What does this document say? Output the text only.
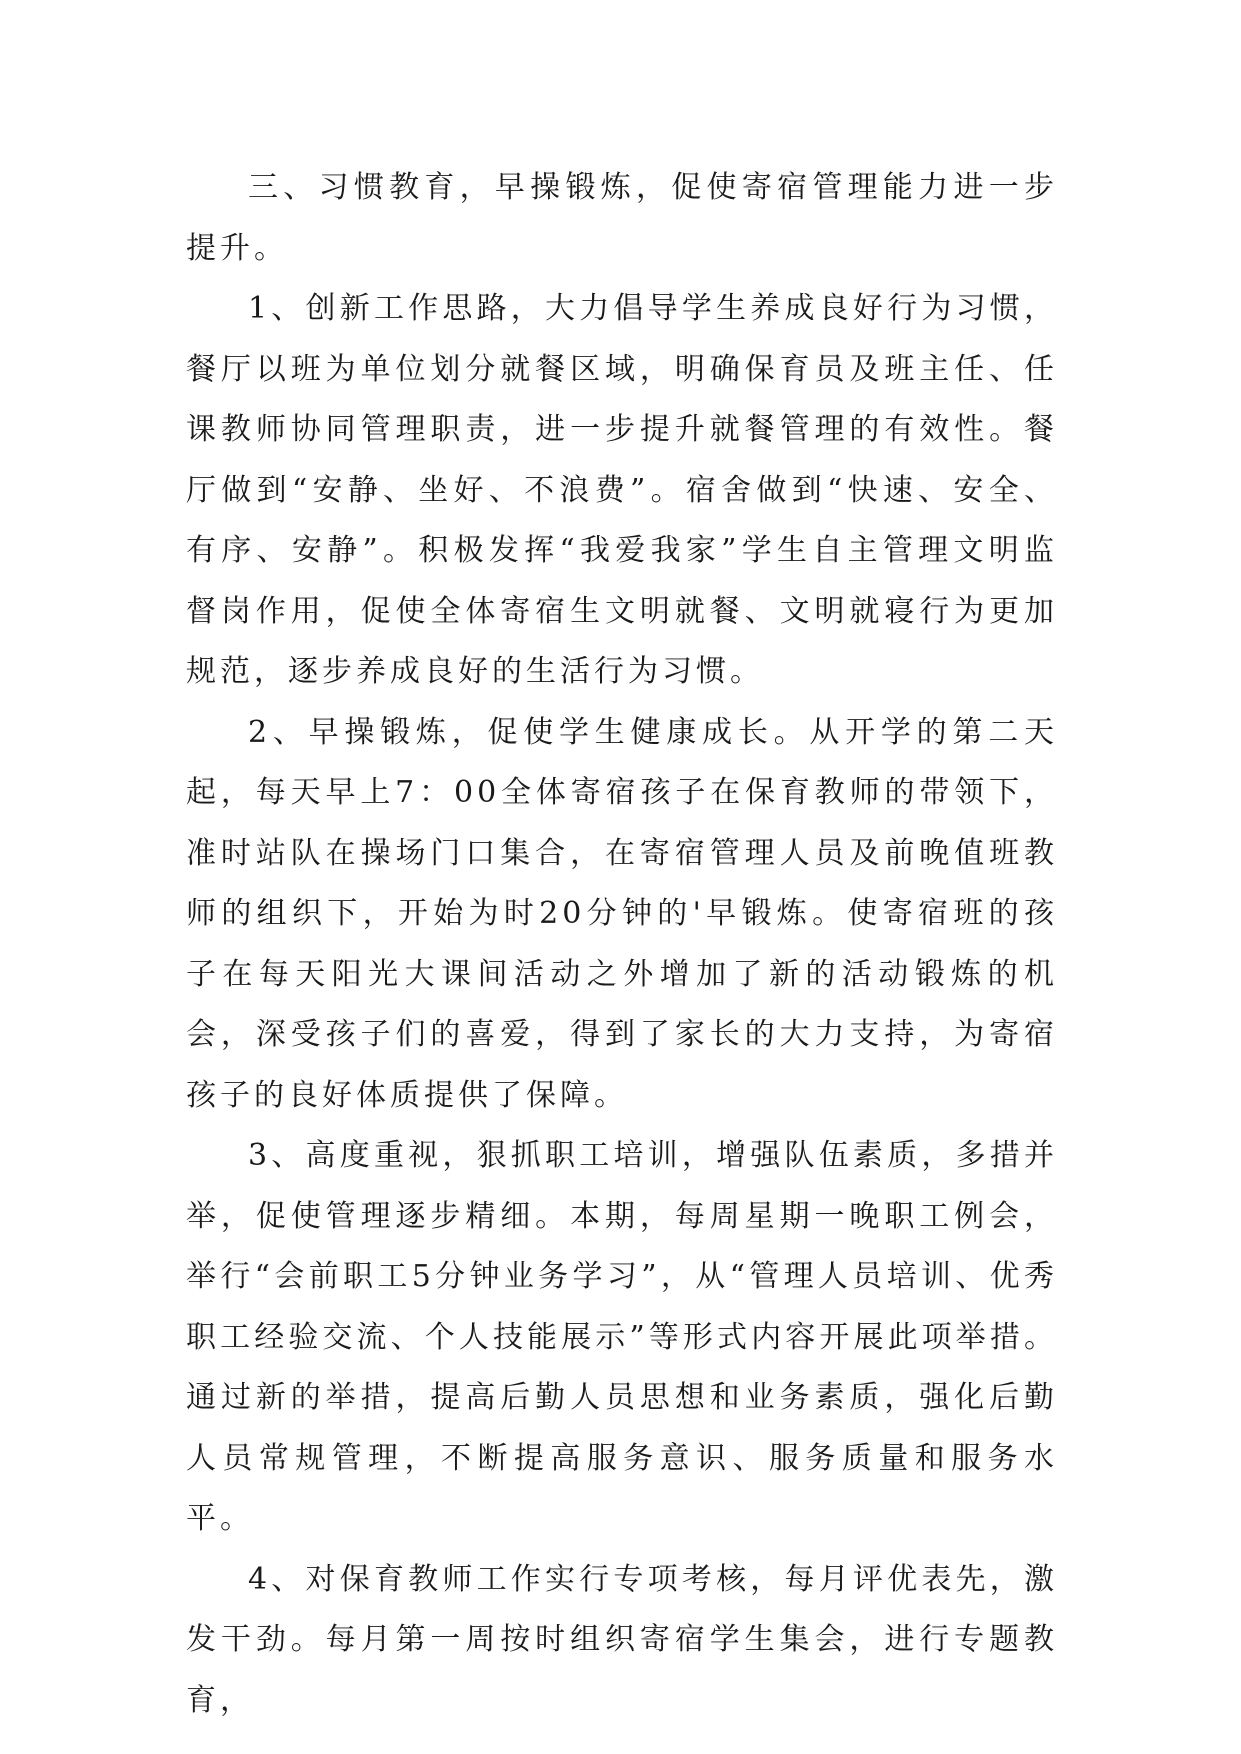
三、习惯教育，早操锻炼，促使寄宿管理能力进一步提升。

1、创新工作思路，大力倡导学生养成良好行为习惯，餐厅以班为单位划分就餐区域，明确保育员及班主任、任课教师协同管理职责，进一步提升就餐管理的有效性。餐厅做到“安静、坐好、不浪费”。宿舍做到“快速、安全、有序、安静”。积极发挥“我爱我家”学生自主管理文明监督岗作用，促使全体寄宿生文明就餐、文明就寝行为更加规范，逐步养成良好的生活行为习惯。

2、早操锻炼，促使学生健康成长。从开学的第二天起，每天早上7：00全体寄宿孩子在保育教师的带领下，准时站队在操场门口集合，在寄宿管理人员及前晚值班教师的组织下，开始为时20分钟的'早锻炼。使寄宿班的孩子在每天阳光大课间活动之外增加了新的活动锻炼的机会，深受孩子们的喜爱，得到了家长的大力支持，为寄宿孩子的良好体质提供了保障。

3、高度重视，狠抓职工培训，增强队伍素质，多措并举，促使管理逐步精细。本期，每周星期一晚职工例会，举行“会前职工5分钟业务学习”，从“管理人员培训、优秀职工经验交流、个人技能展示”等形式内容开展此项举措。通过新的举措，提高后勤人员思想和业务素质，强化后勤人员常规管理，不断提高服务意识、服务质量和服务水平。

4、对保育教师工作实行专项考核，每月评优表先，激发干劲。每月第一周按时组织寄宿学生集会，进行专题教育，
